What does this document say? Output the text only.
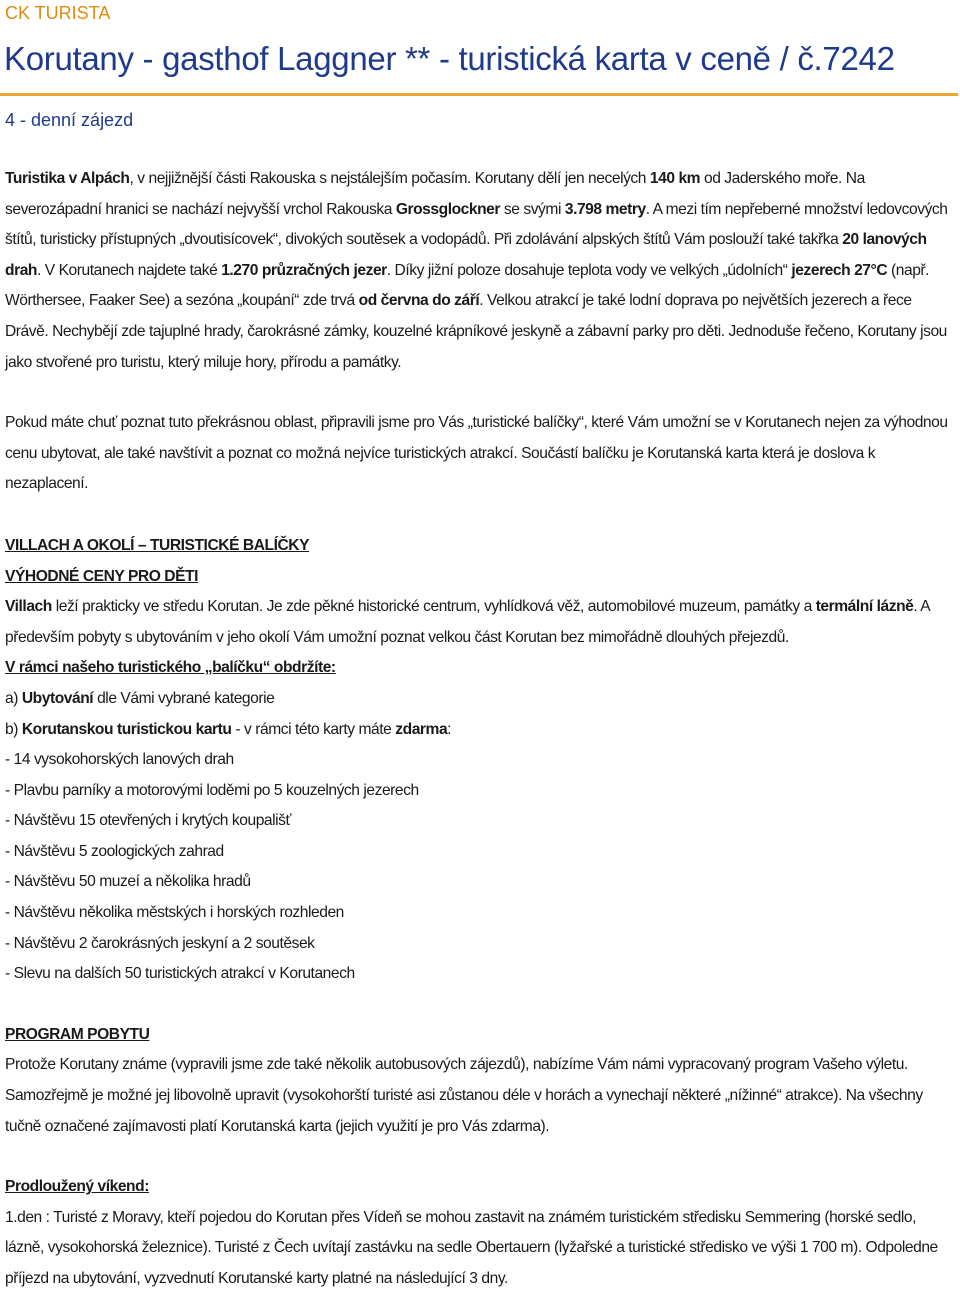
CK TURISTA
Korutany - gasthof Laggner ** - turistická karta v ceně / č.7242
4 - denní zájezd

Turistika v Alpách, v nejjižnější části Rakouska s nejstálejším počasím. Korutany dělí jen necelých 140 km od Jaderského moře. Na severozápadní hranici se nachází nejvyšší vrchol Rakouska Grossglockner se svými 3.798 metry. A mezi tím nepřeberné množství ledovcových štítů, turisticky přístupných „dvoutisícovek“, divokých soutěsek a vodopádů. Při zdolávání alpských štítů Vám poslouží také takřka 20 lanových drah. V Korutanech najdete také 1.270 průzračných jezer. Díky jižní poloze dosahuje teplota vody ve velkých „údolních“ jezerech 27°C (např. Wörthersee, Faaker See) a sezóna „koupání“ zde trvá od června do září. Velkou atrakcí je také lodní doprava po největších jezerech a řece Drávě. Nechybějí zde tajuplné hrady, čarokrásné zámky, kouzelné krápníkové jeskyně a zábavní parky pro děti. Jednoduše řečeno, Korutany jsou jako stvořené pro turistu, který miluje hory, přírodu a památky.

Pokud máte chuť poznat tuto překrásnou oblast, připravili jsme pro Vás „turistické balíčky“, které Vám umožní se v Korutanech nejen za výhodnou cenu ubytovat, ale také navštívit a poznat co možná nejvíce turistických atrakcí. Součástí balíčku je Korutanská karta která je doslova k nezaplacení.

VILLACH A OKOLÍ – TURISTICKÉ BALÍČKY

VÝHODNÉ CENY PRO DĚTI

Villach leží prakticky ve středu Korutan. Je zde pěkné historické centrum, vyhlídková věž, automobilové muzeum, památky a termální lázně. A především pobyty s ubytováním v jeho okolí Vám umožní poznat velkou část Korutan bez mimořádně dlouhých přejezdů.

V rámci našeho turistického „balíčku“ obdržíte:

a) Ubytování dle Vámi vybrané kategorie

b) Korutanskou turistickou kartu - v rámci této karty máte zdarma:

- 14 vysokohorských lanových drah

- Plavbu parníky a motorovými loděmi po 5 kouzelných jezerech

- Návštěvu 15 otevřených i krytých koupališť

- Návštěvu 5 zoologických zahrad

- Návštěvu 50 muzeí a několika hradů

- Návštěvu několika městských i horských rozhleden

- Návštěvu 2 čarokrásných jeskyní a 2 soutěsek

- Slevu na dalších 50 turistických atrakcí v Korutanech

PROGRAM POBYTU

Protože Korutany známe (vypravili jsme zde také několik autobusových zájezdů), nabízíme Vám námi vypracovaný program Vašeho výletu. Samozřejmě je možné jej libovolně upravit (vysokohorští turisté asi zůstanou déle v horách a vynechají některé „nížinné“ atrakce). Na všechny tučně označené zajímavosti platí Korutanská karta (jejich využití je pro Vás zdarma).

Prodloužený víkend:

1.den : Turisté z Moravy, kteří pojedou do Korutan přes Vídeň se mohou zastavit na známém turistickém středisku Semmering (horské sedlo, lázně, vysokohorská železnice). Turisté z Čech uvítají zastávku na sedle Obertauern (lyžařské a turistické středisko ve výši 1 700 m). Odpoledne příjezd na ubytování, vyzvednutí Korutanské karty platné na následující 3 dny.
